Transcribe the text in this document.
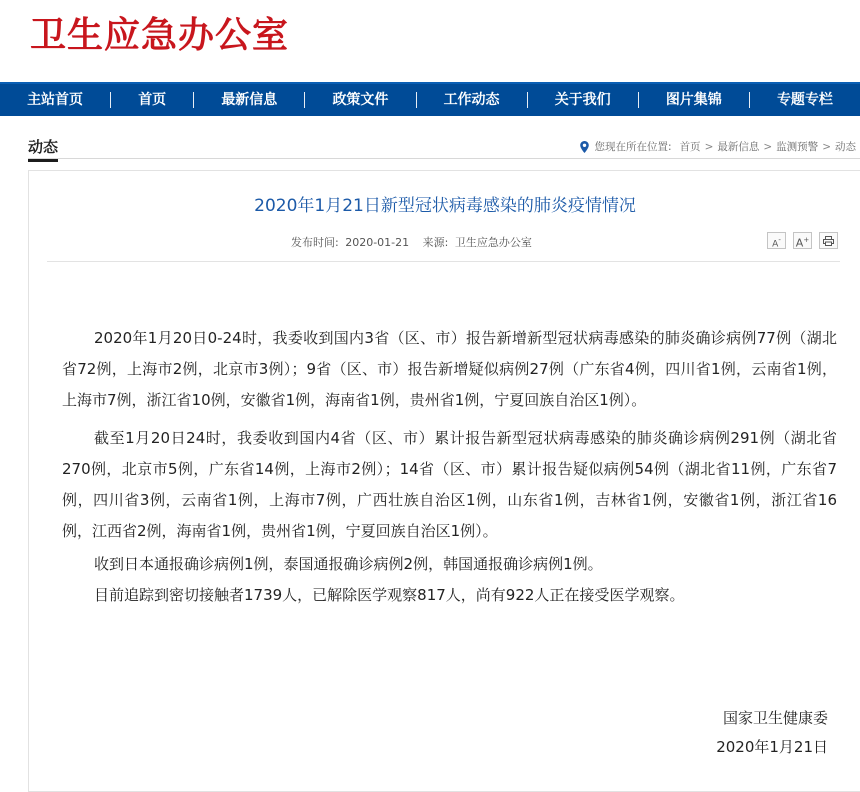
卫生应急办公室
主站首页	首页	最新信息	政策文件	工作动态	关于我们	图片集锦	专题专栏
动态	您现在所在位置: 首页 > 最新信息 > 监测预警 > 动态
2020年1月21日新型冠状病毒感染的肺炎疫情情况
发布时间: 2020-01-21 来源: 卫生应急办公室	A-	A+

2020年1月20日0-24时，我委收到国内3省（区、市）报告新增新型冠状病毒感染的肺炎确诊病例77例（湖北省72例，上海市2例，北京市3例）；9省（区、市）报告新增疑似病例27例（广东省4例，四川省1例，云南省1例，上海市7例，浙江省10例，安徽省1例，海南省1例，贵州省1例，宁夏回族自治区1例）。

截至1月20日24时，我委收到国内4省（区、市）累计报告新型冠状病毒感染的肺炎确诊病例291例（湖北省270例，北京市5例，广东省14例，上海市2例）；14省（区、市）累计报告疑似病例54例（湖北省11例，广东省7例，四川省3例，云南省1例，上海市7例，广西壮族自治区1例，山东省1例，吉林省1例，安徽省1例，浙江省16例，江西省2例，海南省1例，贵州省1例，宁夏回族自治区1例）。

收到日本通报确诊病例1例，泰国通报确诊病例2例，韩国通报确诊病例1例。

目前追踪到密切接触者1739人，已解除医学观察817人，尚有922人正在接受医学观察。

国家卫生健康委
2020年1月21日
